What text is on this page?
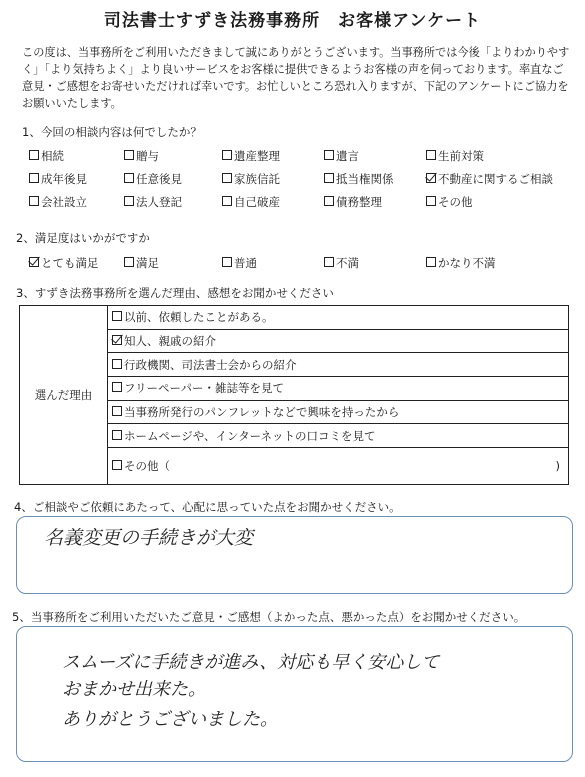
司法書士すずき法務事務所　お客様アンケート
この度は、当事務所をご利用いただきまして誠にありがとうございます。当事務所では今後「よりわかりやすく」「より気持ちよく」より良いサービスをお客様に提供できるようお客様の声を伺っております。率直なご意見・ご感想をお寄せいただければ幸いです。お忙しいところ恐れ入りますが、下記のアンケートにご協力をお願いいたします。
1、今回の相談内容は何でしたか？
相続	贈与	遺産整理	遺言	生前対策
成年後見	任意後見	家族信託	抵当権関係	不動産に関するご相談
会社設立	法人登記	自己破産	債務整理	その他
2、満足度はいかがですか
とても満足	満足	普通	不満	かなり不満
3、すずき法務事務所を選んだ理由、感想をお聞かせください
選んだ理由	以前、依頼したことがある。
知人、親戚の紹介
行政機関、司法書士会からの紹介
フリーペーパー・雑誌等を見て
当事務所発行のパンフレットなどで興味を持ったから
ホームページや、インターネットの口コミを見て
その他（	)
4、ご相談やご依頼にあたって、心配に思っていた点をお聞かせください。
名義変更の手続きが大変
5、当事務所をご利用いただいたご意見・ご感想（よかった点、悪かった点）をお聞かせください。
スムーズに手続きが進み、対応も早く安心して
おまかせ出来た。
ありがとうございました。
